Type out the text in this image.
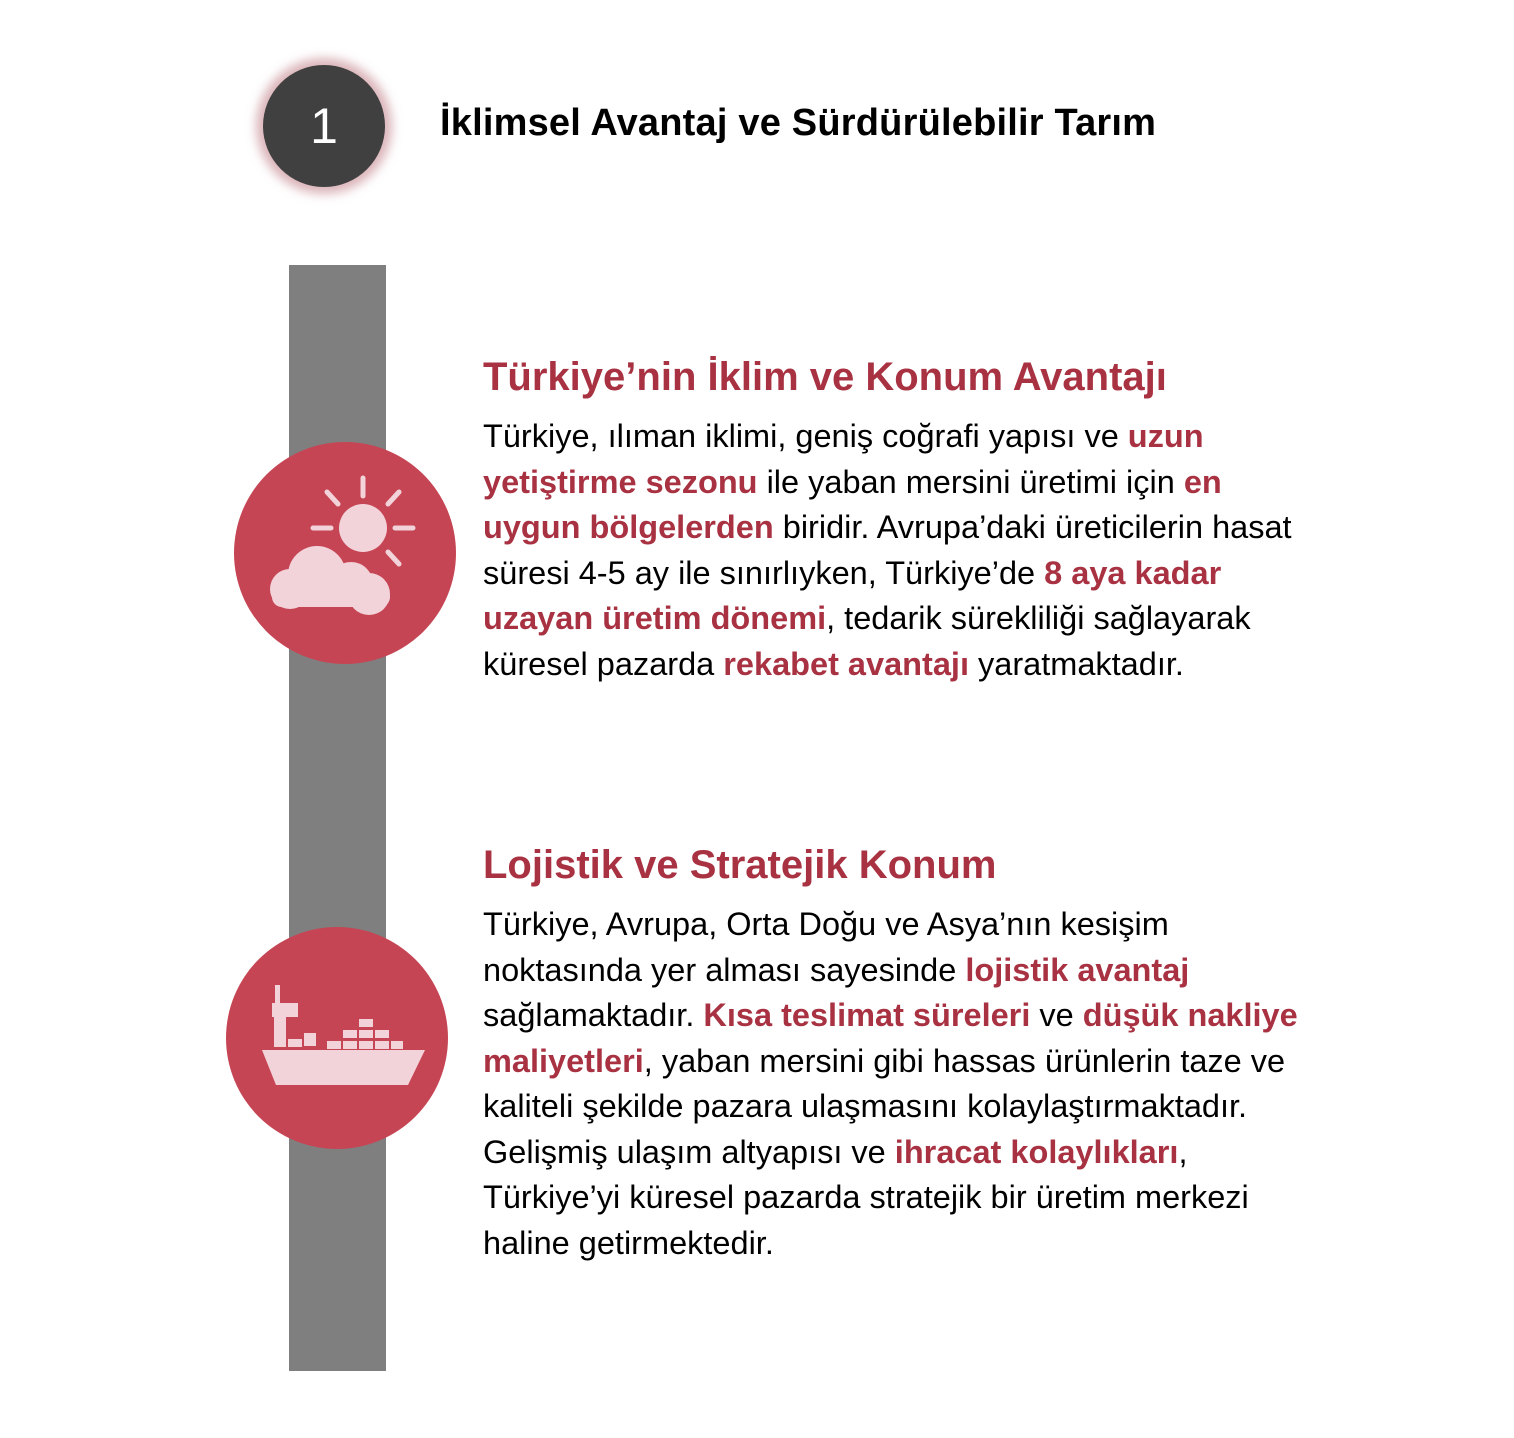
1	İklimsel Avantaj ve Sürdürülebilir Tarım
Türkiye’nin İklim ve Konum Avantajı

Türkiye, ılıman iklimi, geniş coğrafi yapısı ve uzun yetiştirme sezonu ile yaban mersini üretimi için en uygun bölgelerden biridir. Avrupa’daki üreticilerin hasat süresi 4-5 ay ile sınırlıyken, Türkiye’de 8 aya kadar uzayan üretim dönemi, tedarik sürekliliği sağlayarak küresel pazarda rekabet avantajı yaratmaktadır.

Lojistik ve Stratejik Konum

Türkiye, Avrupa, Orta Doğu ve Asya’nın kesişim noktasında yer alması sayesinde lojistik avantaj sağlamaktadır. Kısa teslimat süreleri ve düşük nakliye maliyetleri, yaban mersini gibi hassas ürünlerin taze ve kaliteli şekilde pazara ulaşmasını kolaylaştırmaktadır. Gelişmiş ulaşım altyapısı ve ihracat kolaylıkları, Türkiye’yi küresel pazarda stratejik bir üretim merkezi haline getirmektedir.
